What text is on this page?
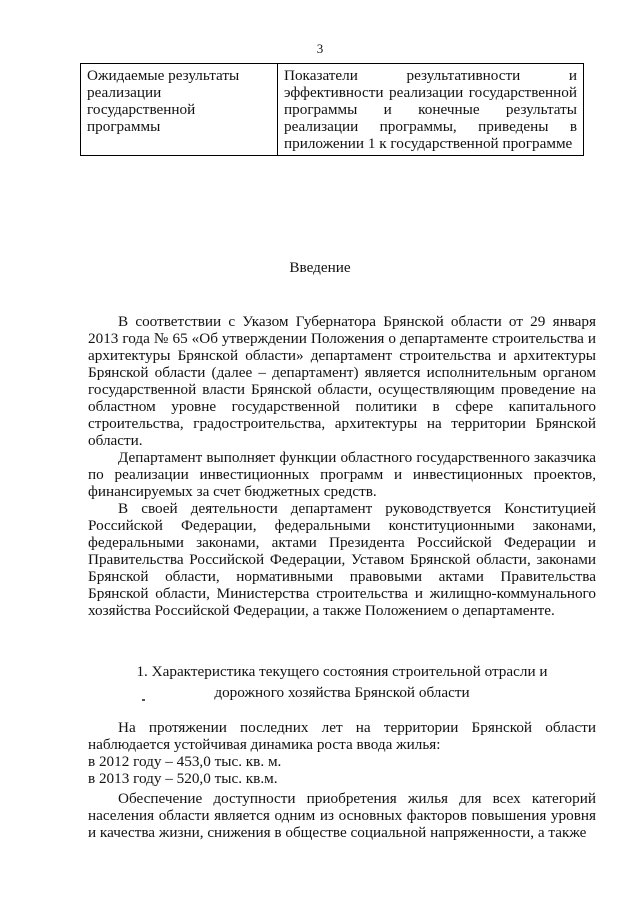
3
Ожидаемые результаты реализации государственной программы	Показатели результативности и эффективности реализации государственной программы и конечные результаты реализации программы, приведены в приложении 1 к государственной программе
Введение

В соответствии с Указом Губернатора Брянской области от 29 января 2013 года № 65 «Об утверждении Положения о департаменте строительства и архитектуры Брянской области» департамент строительства и архитектуры Брянской области (далее – департамент) является исполнительным органом государственной власти Брянской области, осуществляющим проведение на областном уровне государственной политики в сфере капитального строительства, градостроительства, архитектуры на территории Брянской области.

Департамент выполняет функции областного государственного заказчика по реализации инвестиционных программ и инвестиционных проектов, финансируемых за счет бюджетных средств.

В своей деятельности департамент руководствуется Конституцией Российской Федерации, федеральными конституционными законами, федеральными законами, актами Президента Российской Федерации и Правительства Российской Федерации, Уставом Брянской области, законами Брянской области, нормативными правовыми актами Правительства Брянской области, Министерства строительства и жилищно-коммунального хозяйства Российской Федерации, а также Положением о департаменте.

1. Характеристика текущего состояния строительной отрасли и
дорожного хозяйства Брянской области

На протяжении последних лет на территории Брянской области наблюдается устойчивая динамика роста ввода жилья:

в 2012 году – 453,0 тыс. кв. м.

в 2013 году – 520,0 тыс. кв.м.

Обеспечение доступности приобретения жилья для всех категорий населения области является одним из основных факторов повышения уровня и качества жизни, снижения в обществе социальной напряженности, а также
